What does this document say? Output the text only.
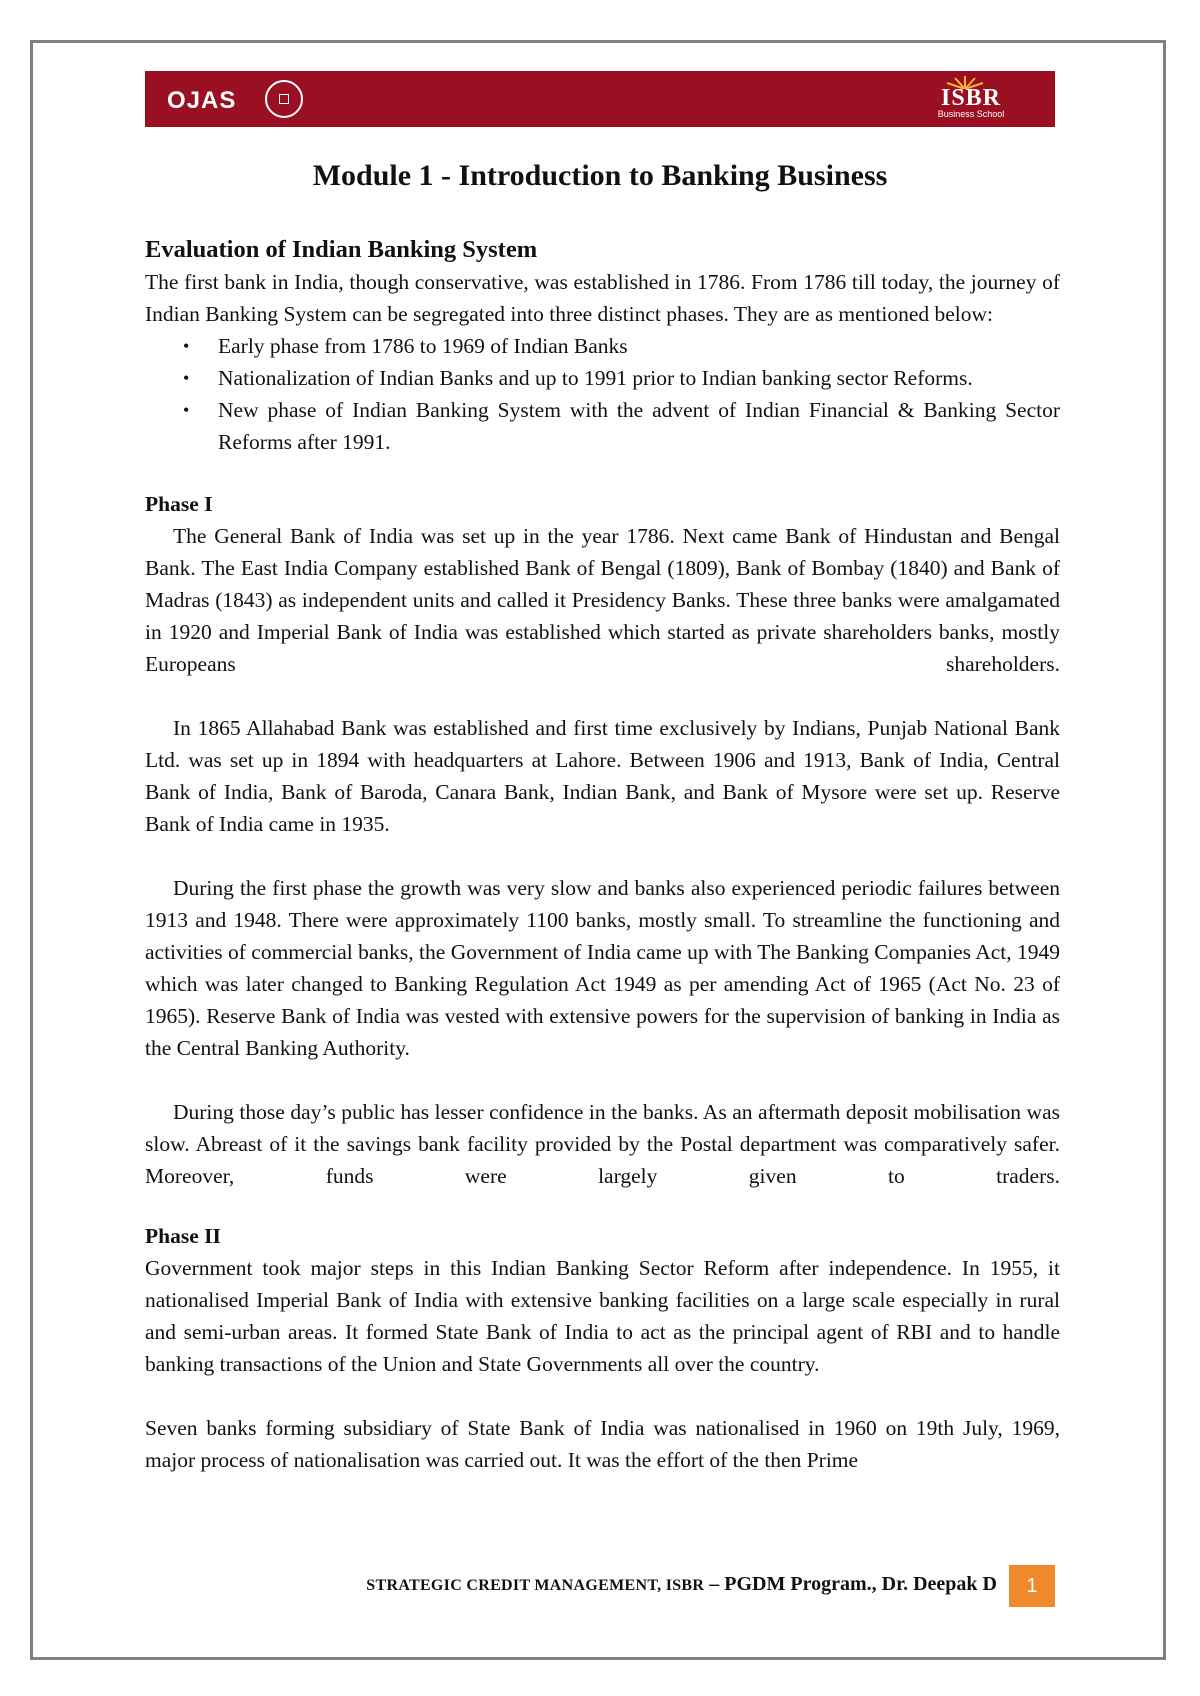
OJAS	ISBR
Business School
Module 1 - Introduction to Banking Business
Evaluation of Indian Banking System

The first bank in India, though conservative, was established in 1786. From 1786 till today, the journey of Indian Banking System can be segregated into three distinct phases. They are as mentioned below:

• Early phase from 1786 to 1969 of Indian Banks
• Nationalization of Indian Banks and up to 1991 prior to Indian banking sector Reforms.
• New phase of Indian Banking System with the advent of Indian Financial & Banking Sector Reforms after 1991.
Phase I

The General Bank of India was set up in the year 1786. Next came Bank of Hindustan and Bengal Bank. The East India Company established Bank of Bengal (1809), Bank of Bombay (1840) and Bank of Madras (1843) as independent units and called it Presidency Banks. These three banks were amalgamated in 1920 and Imperial Bank of India was established which started as private shareholders banks, mostly Europeans shareholders.

In 1865 Allahabad Bank was established and first time exclusively by Indians, Punjab National Bank Ltd. was set up in 1894 with headquarters at Lahore. Between 1906 and 1913, Bank of India, Central Bank of India, Bank of Baroda, Canara Bank, Indian Bank, and Bank of Mysore were set up. Reserve Bank of India came in 1935.

During the first phase the growth was very slow and banks also experienced periodic failures between 1913 and 1948. There were approximately 1100 banks, mostly small. To streamline the functioning and activities of commercial banks, the Government of India came up with The Banking Companies Act, 1949 which was later changed to Banking Regulation Act 1949 as per amending Act of 1965 (Act No. 23 of 1965). Reserve Bank of India was vested with extensive powers for the supervision of banking in India as the Central Banking Authority.

During those day’s public has lesser confidence in the banks. As an aftermath deposit mobilisation was slow. Abreast of it the savings bank facility provided by the Postal department was comparatively safer. Moreover, funds were largely given to traders.

Phase II

Government took major steps in this Indian Banking Sector Reform after independence. In 1955, it nationalised Imperial Bank of India with extensive banking facilities on a large scale especially in rural and semi-urban areas. It formed State Bank of India to act as the principal agent of RBI and to handle banking transactions of the Union and State Governments all over the country.

Seven banks forming subsidiary of State Bank of India was nationalised in 1960 on 19th July, 1969, major process of nationalisation was carried out. It was the effort of the then Prime

STRATEGIC CREDIT MANAGEMENT, ISBR – PGDM Program., Dr. Deepak D	1
